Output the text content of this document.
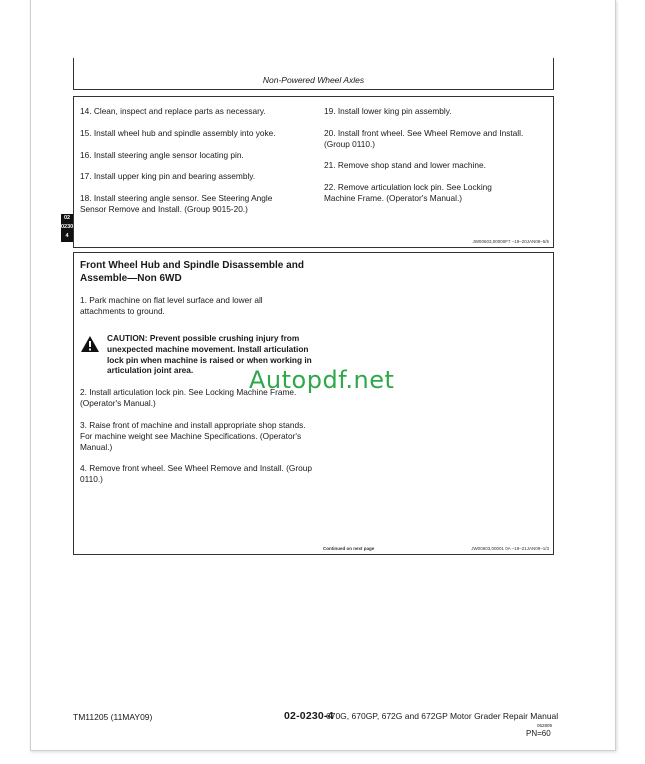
Non-Powered Wheel Axles
02
0230
4
14. Clean, inspect and replace parts as necessary.
15. Install wheel hub and spindle assembly into yoke.
16. Install steering angle sensor locating pin.
17. Install upper king pin and bearing assembly.
18. Install steering angle sensor. See Steering Angle Sensor Remove and Install. (Group 9015-20.)
19. Install lower king pin assembly.
20. Install front wheel. See Wheel Remove and Install. (Group 0110.)
21. Remove shop stand and lower machine.
22. Remove articulation lock pin. See Locking Machine Frame. (Operator's Manual.)
JW00603,00000F7 –19–20JAN09–5/5
Front Wheel Hub and Spindle Disassemble and Assemble—Non 6WD
1. Park machine on flat level surface and lower all attachments to ground.
CAUTION: Prevent possible crushing injury from unexpected machine movement. Install articulation lock pin when machine is raised or when working in articulation joint area.
2. Install articulation lock pin. See Locking Machine Frame. (Operator's Manual.)
3. Raise front of machine and install appropriate shop stands. For machine weight see Machine Specifications. (Operator's Manual.)
4. Remove front wheel. See Wheel Remove and Install. (Group 0110.)
Continued on next page	JW00603,00001 0A –19–21JAN09–1/3
Autopdf.net
TM11205 (11MAY09)	670G, 670GP, 672G and 672GP Motor Grader Repair Manual
02-0230-4
052809
PN=60
